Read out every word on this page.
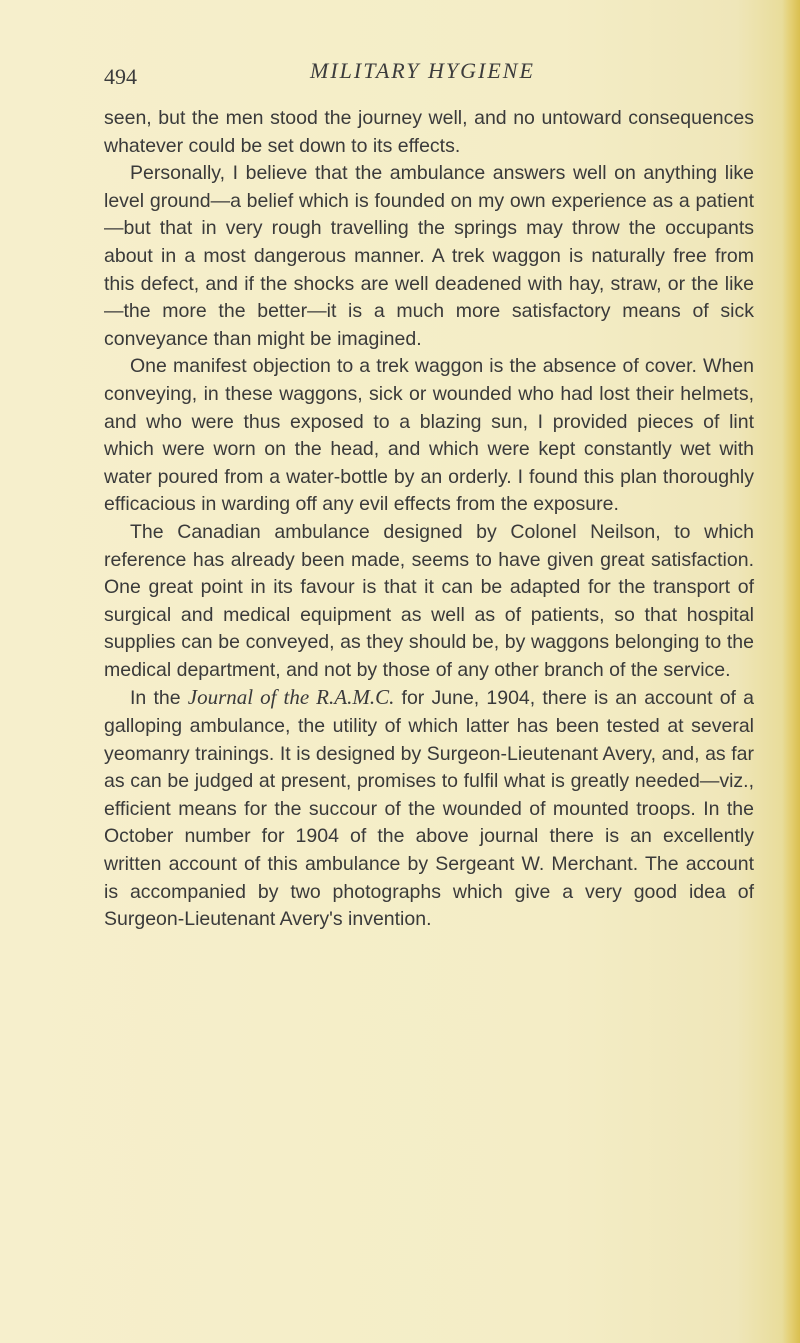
494	MILITARY HYGIENE

seen, but the men stood the journey well, and no untoward consequences whatever could be set down to its effects.

Personally, I believe that the ambulance answers well on anything like level ground—a belief which is founded on my own experience as a patient—but that in very rough travelling the springs may throw the occupants about in a most dangerous manner. A trek waggon is naturally free from this defect, and if the shocks are well deadened with hay, straw, or the like—the more the better—it is a much more satisfactory means of sick conveyance than might be imagined.

One manifest objection to a trek waggon is the absence of cover. When conveying, in these waggons, sick or wounded who had lost their helmets, and who were thus exposed to a blazing sun, I provided pieces of lint which were worn on the head, and which were kept constantly wet with water poured from a water-bottle by an orderly. I found this plan thoroughly efficacious in warding off any evil effects from the exposure.

The Canadian ambulance designed by Colonel Neilson, to which reference has already been made, seems to have given great satisfaction. One great point in its favour is that it can be adapted for the transport of surgical and medical equipment as well as of patients, so that hospital supplies can be conveyed, as they should be, by waggons belonging to the medical department, and not by those of any other branch of the service.

In the Journal of the R.A.M.C. for June, 1904, there is an account of a galloping ambulance, the utility of which latter has been tested at several yeomanry trainings. It is designed by Surgeon-Lieutenant Avery, and, as far as can be judged at present, promises to fulfil what is greatly needed—viz., efficient means for the succour of the wounded of mounted troops. In the October number for 1904 of the above journal there is an excellently written account of this ambulance by Sergeant W. Merchant. The account is accompanied by two photographs which give a very good idea of Surgeon-Lieutenant Avery's invention.
